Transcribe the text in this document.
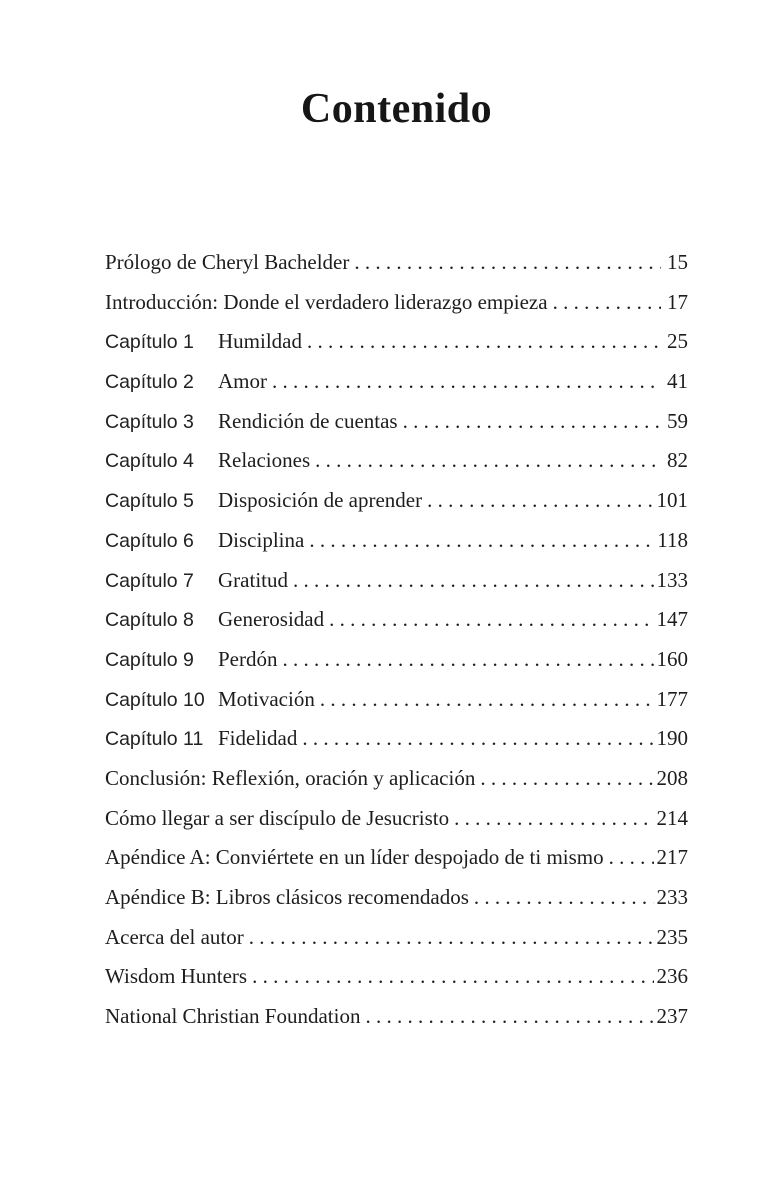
Contenido
Prólogo de Cheryl Bachelder . . .	15
Introducción: Donde el verdadero liderazgo empieza . . .	17
Capítulo 1	Humildad . . .	25
Capítulo 2	Amor . . .	41
Capítulo 3	Rendición de cuentas . . .	59
Capítulo 4	Relaciones . . .	82
Capítulo 5	Disposición de aprender . . .	101
Capítulo 6	Disciplina . . .	118
Capítulo 7	Gratitud . . .	133
Capítulo 8	Generosidad . . .	147
Capítulo 9	Perdón . . .	160
Capítulo 10 Motivación . . .	177
Capítulo 11 Fidelidad . . .	190
Conclusión: Reflexión, oración y aplicación . . .	208
Cómo llegar a ser discípulo de Jesucristo . . .	214
Apéndice A: Conviértete en un líder despojado de ti mismo . . .	217
Apéndice B: Libros clásicos recomendados . . .	233
Acerca del autor . . .	235
Wisdom Hunters . . .	236
National Christian Foundation . . .	237
